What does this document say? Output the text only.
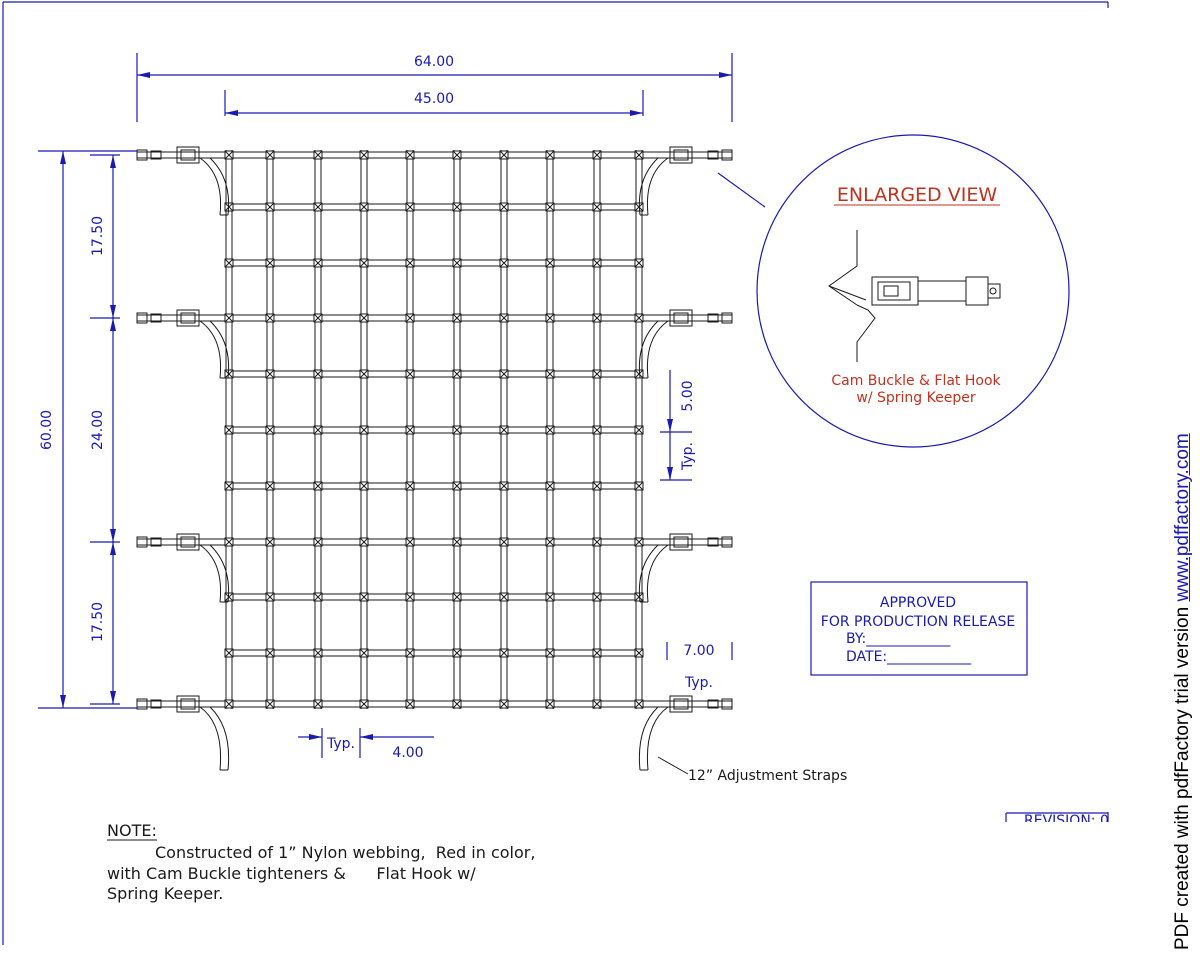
64.00
45.00
60.00
17.50
24.00
17.50
5.00
Typ.
7.00
Typ.
Typ.
4.00
12” Adjustment Straps
ENLARGED VIEW
Cam Buckle & Flat Hook
w/ Spring Keeper
APPROVED
FOR PRODUCTION RELEASE
BY:____________
DATE:____________
REVISION: 0
NOTE:
Constructed of 1” Nylon webbing,  Red in color,
with Cam Buckle tighteners &      Flat Hook w/
Spring Keeper.	PDF created with pdfFactory trial version www.pdffactory.com
